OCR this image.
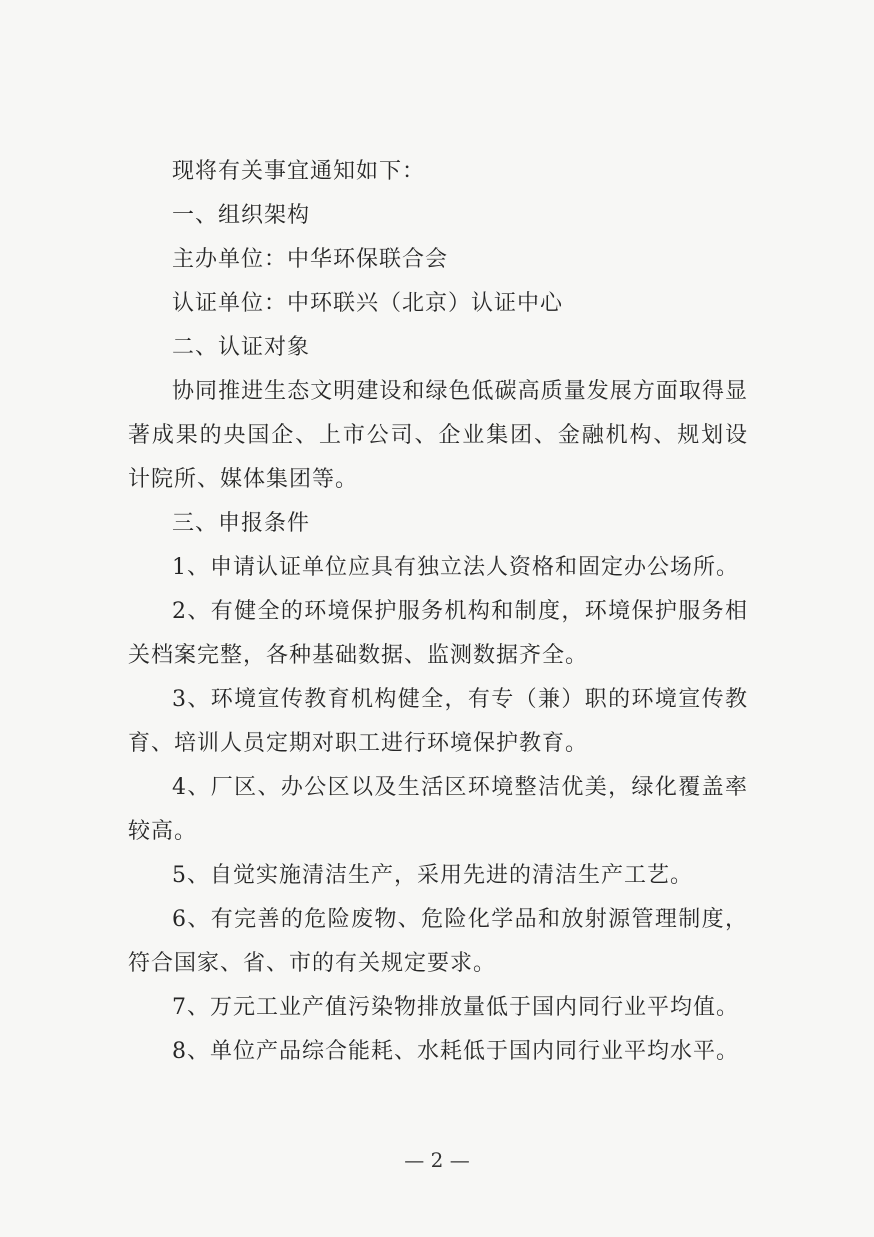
现将有关事宜通知如下：

一、组织架构

主办单位：中华环保联合会

认证单位：中环联兴（北京）认证中心

二、认证对象

协同推进生态文明建设和绿色低碳高质量发展方面取得显著成果的央国企、上市公司、企业集团、金融机构、规划设计院所、媒体集团等。

三、申报条件

1、申请认证单位应具有独立法人资格和固定办公场所。

2、有健全的环境保护服务机构和制度，环境保护服务相关档案完整，各种基础数据、监测数据齐全。

3、环境宣传教育机构健全，有专（兼）职的环境宣传教育、培训人员定期对职工进行环境保护教育。

4、厂区、办公区以及生活区环境整洁优美，绿化覆盖率较高。

5、自觉实施清洁生产，采用先进的清洁生产工艺。

6、有完善的危险废物、危险化学品和放射源管理制度，符合国家、省、市的有关规定要求。

7、万元工业产值污染物排放量低于国内同行业平均值。

8、单位产品综合能耗、水耗低于国内同行业平均水平。

— 2 —
